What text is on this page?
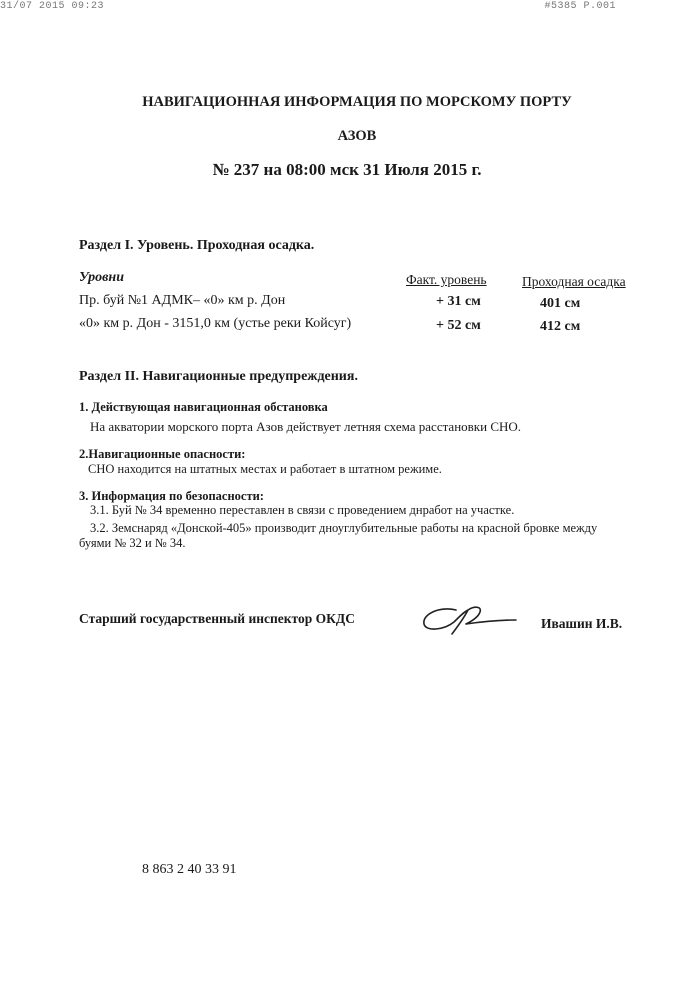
31/07 2015 09:23	#5385 P.001
НАВИГАЦИОННАЯ ИНФОРМАЦИЯ ПО МОРСКОМУ ПОРТУ
АЗОВ
№ 237 на 08:00 мск 31 Июля 2015 г.
Раздел I. Уровень. Проходная осадка.
Уровни	Факт. уровень	Проходная осадка
Пр. буй №1 АДМК– «0» км р. Дон	+ 31 см	401 см
«0» км р. Дон - 3151,0 км (устье реки Койсуг)	+ 52 см	412 см
Раздел II. Навигационные предупреждения.
1. Действующая навигационная обстановка
На акватории морского порта Азов действует летняя схема расстановки СНО.
2.Навигационные опасности:
СНО находится на штатных местах и работает в штатном режиме.
3. Информация по безопасности:
3.1. Буй № 34 временно переставлен в связи с проведением днработ на участке.
3.2. Земснаряд «Донской-405» производит дноуглубительные работы на красной бровке между
буями № 32 и № 34.
Старший государственный инспектор ОКДС	Ивашин И.В.
8 863 2 40 33 91
